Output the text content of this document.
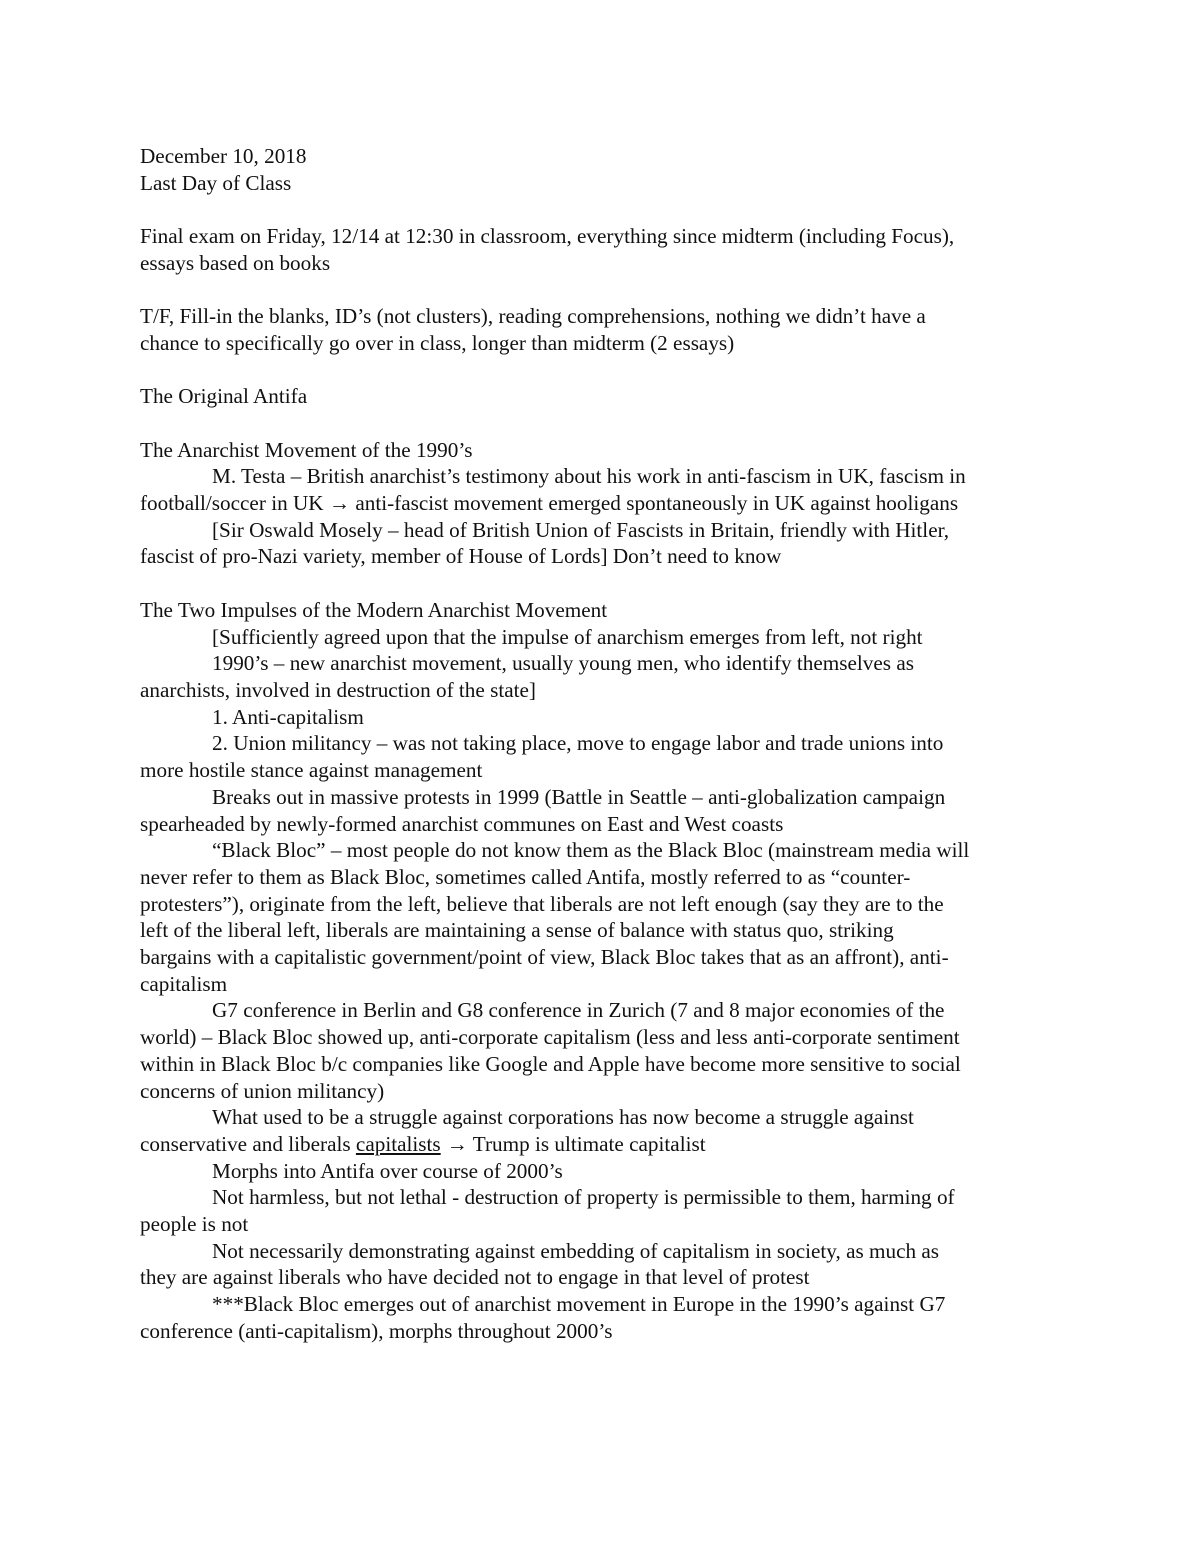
December 10, 2018
Last Day of Class
Final exam on Friday, 12/14 at 12:30 in classroom, everything since midterm (including Focus),
essays based on books
T/F, Fill-in the blanks, ID’s (not clusters), reading comprehensions, nothing we didn’t have a
chance to specifically go over in class, longer than midterm (2 essays)
The Original Antifa
The Anarchist Movement of the 1990’s
M. Testa – British anarchist’s testimony about his work in anti-fascism in UK, fascism in
football/soccer in UK → anti-fascist movement emerged spontaneously in UK against hooligans
[Sir Oswald Mosely – head of British Union of Fascists in Britain, friendly with Hitler,
fascist of pro-Nazi variety, member of House of Lords] Don’t need to know
The Two Impulses of the Modern Anarchist Movement
[Sufficiently agreed upon that the impulse of anarchism emerges from left, not right
1990’s – new anarchist movement, usually young men, who identify themselves as
anarchists, involved in destruction of the state]
1. Anti-capitalism
2. Union militancy – was not taking place, move to engage labor and trade unions into
more hostile stance against management
Breaks out in massive protests in 1999 (Battle in Seattle – anti-globalization campaign
spearheaded by newly-formed anarchist communes on East and West coasts
“Black Bloc” – most people do not know them as the Black Bloc (mainstream media will
never refer to them as Black Bloc, sometimes called Antifa, mostly referred to as “counter-
protesters”), originate from the left, believe that liberals are not left enough (say they are to the
left of the liberal left, liberals are maintaining a sense of balance with status quo, striking
bargains with a capitalistic government/point of view, Black Bloc takes that as an affront), anti-
capitalism
G7 conference in Berlin and G8 conference in Zurich (7 and 8 major economies of the
world) – Black Bloc showed up, anti-corporate capitalism (less and less anti-corporate sentiment
within in Black Bloc b/c companies like Google and Apple have become more sensitive to social
concerns of union militancy)
What used to be a struggle against corporations has now become a struggle against
conservative and liberals capitalists → Trump is ultimate capitalist
Morphs into Antifa over course of 2000’s
Not harmless, but not lethal - destruction of property is permissible to them, harming of
people is not
Not necessarily demonstrating against embedding of capitalism in society, as much as
they are against liberals who have decided not to engage in that level of protest
***Black Bloc emerges out of anarchist movement in Europe in the 1990’s against G7
conference (anti-capitalism), morphs throughout 2000’s
